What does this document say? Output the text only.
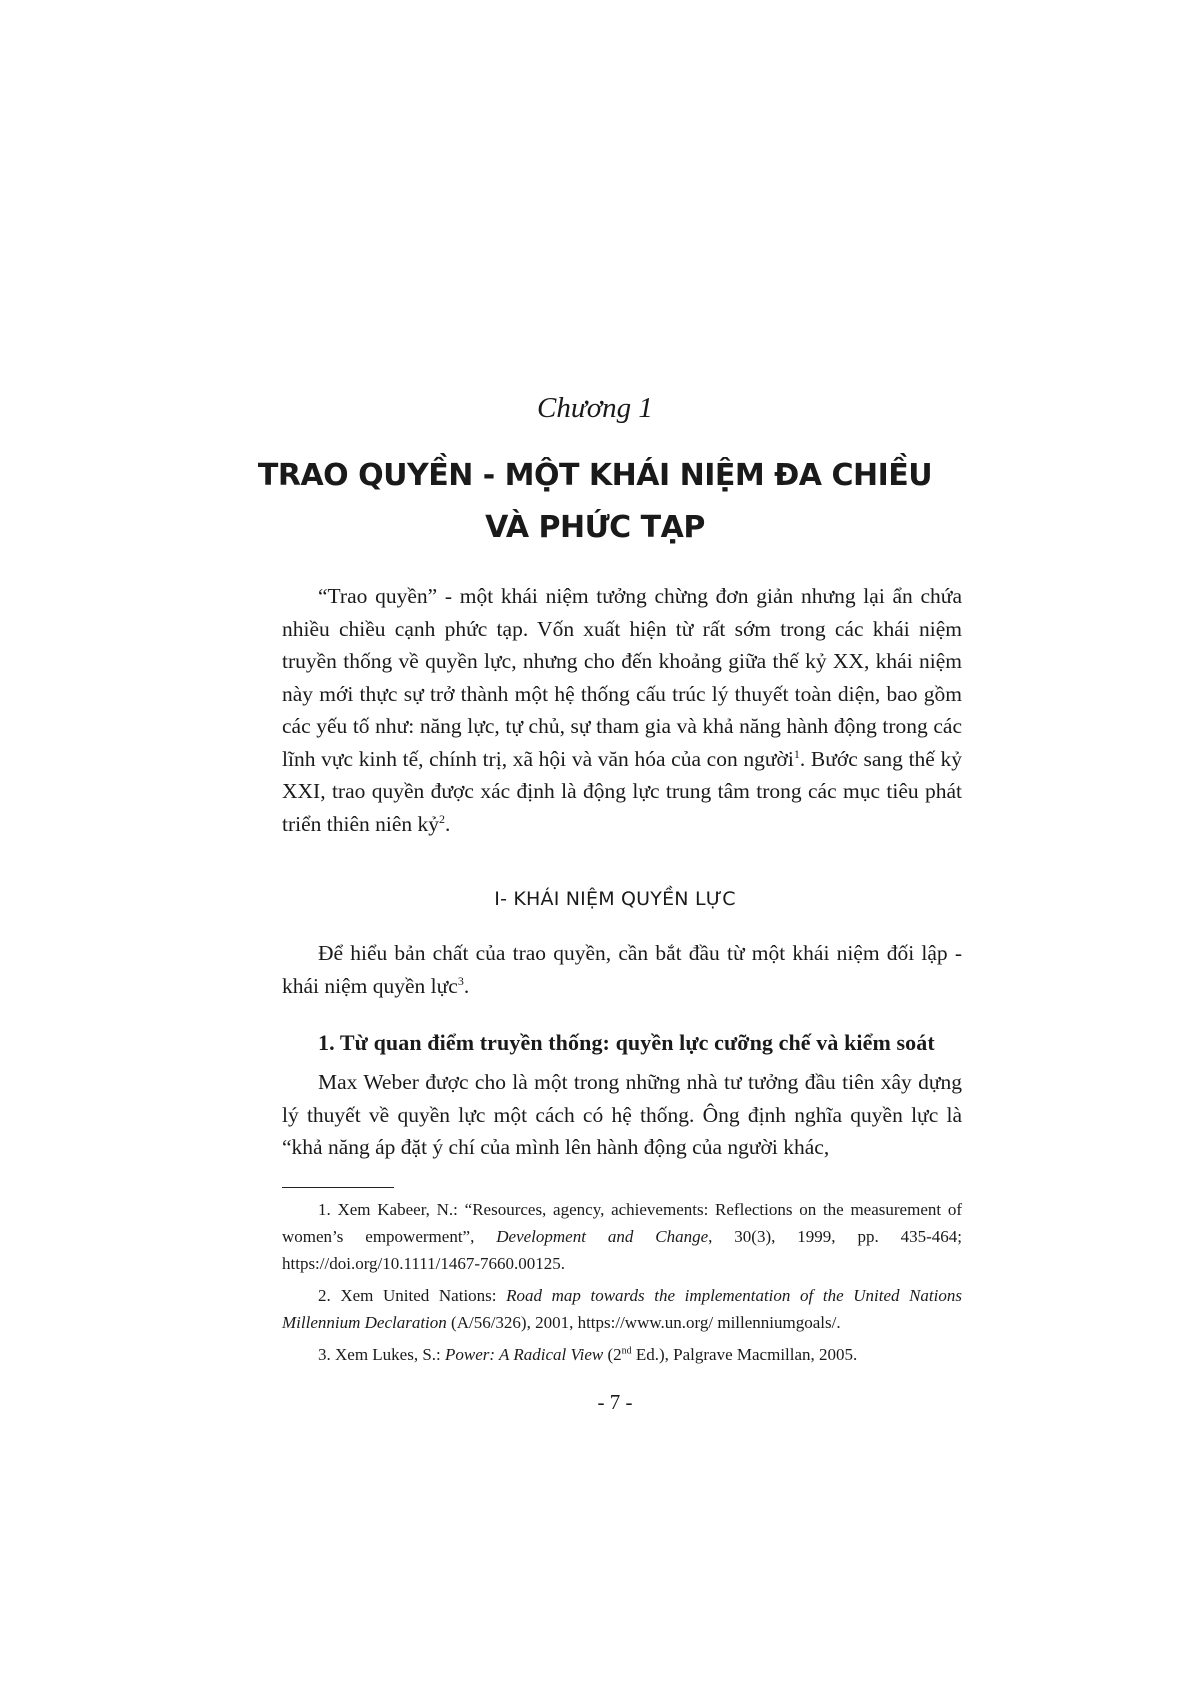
Chương 1
TRAO QUYỀN - MỘT KHÁI NIỆM ĐA CHIỀU
VÀ PHỨC TẠP

“Trao quyền” - một khái niệm tưởng chừng đơn giản nhưng lại ẩn chứa nhiều chiều cạnh phức tạp. Vốn xuất hiện từ rất sớm trong các khái niệm truyền thống về quyền lực, nhưng cho đến khoảng giữa thế kỷ XX, khái niệm này mới thực sự trở thành một hệ thống cấu trúc lý thuyết toàn diện, bao gồm các yếu tố như: năng lực, tự chủ, sự tham gia và khả năng hành động trong các lĩnh vực kinh tế, chính trị, xã hội và văn hóa của con người$^1$. Bước sang thế kỷ XXI, trao quyền được xác định là động lực trung tâm trong các mục tiêu phát triển thiên niên kỷ$^2$.

I- KHÁI NIỆM QUYỀN LỰC

Để hiểu bản chất của trao quyền, cần bắt đầu từ một khái niệm đối lập - khái niệm quyền lực$^3$.

1. Từ quan điểm truyền thống: quyền lực cưỡng chế và kiểm soát

Max Weber được cho là một trong những nhà tư tưởng đầu tiên xây dựng lý thuyết về quyền lực một cách có hệ thống. Ông định nghĩa quyền lực là “khả năng áp đặt ý chí của mình lên hành động của người khác,

1. Xem Kabeer, N.: “Resources, agency, achievements: Reflections on the measurement of women’s empowerment”, Development and Change, 30(3), 1999, pp. 435-464; https://doi.org/10.1111/1467-7660.00125.

2. Xem United Nations: Road map towards the implementation of the United Nations Millennium Declaration (A/56/326), 2001, https://www.un.org/ millenniumgoals/.

3. Xem Lukes, S.: Power: A Radical View (2nd Ed.), Palgrave Macmillan, 2005.

- 7 -
